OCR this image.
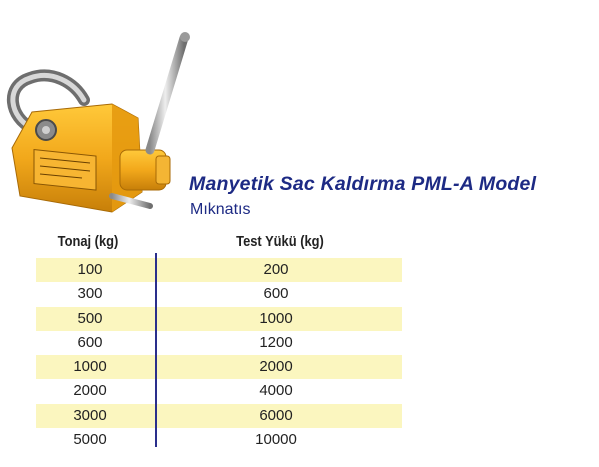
Manyetik Sac Kaldırma PML-A Model
Mıknatıs
Tonaj (kg)	Test Yükü (kg)
100	200
300	600
500	1000
600	1200
1000	2000
2000	4000
3000	6000
5000	10000
